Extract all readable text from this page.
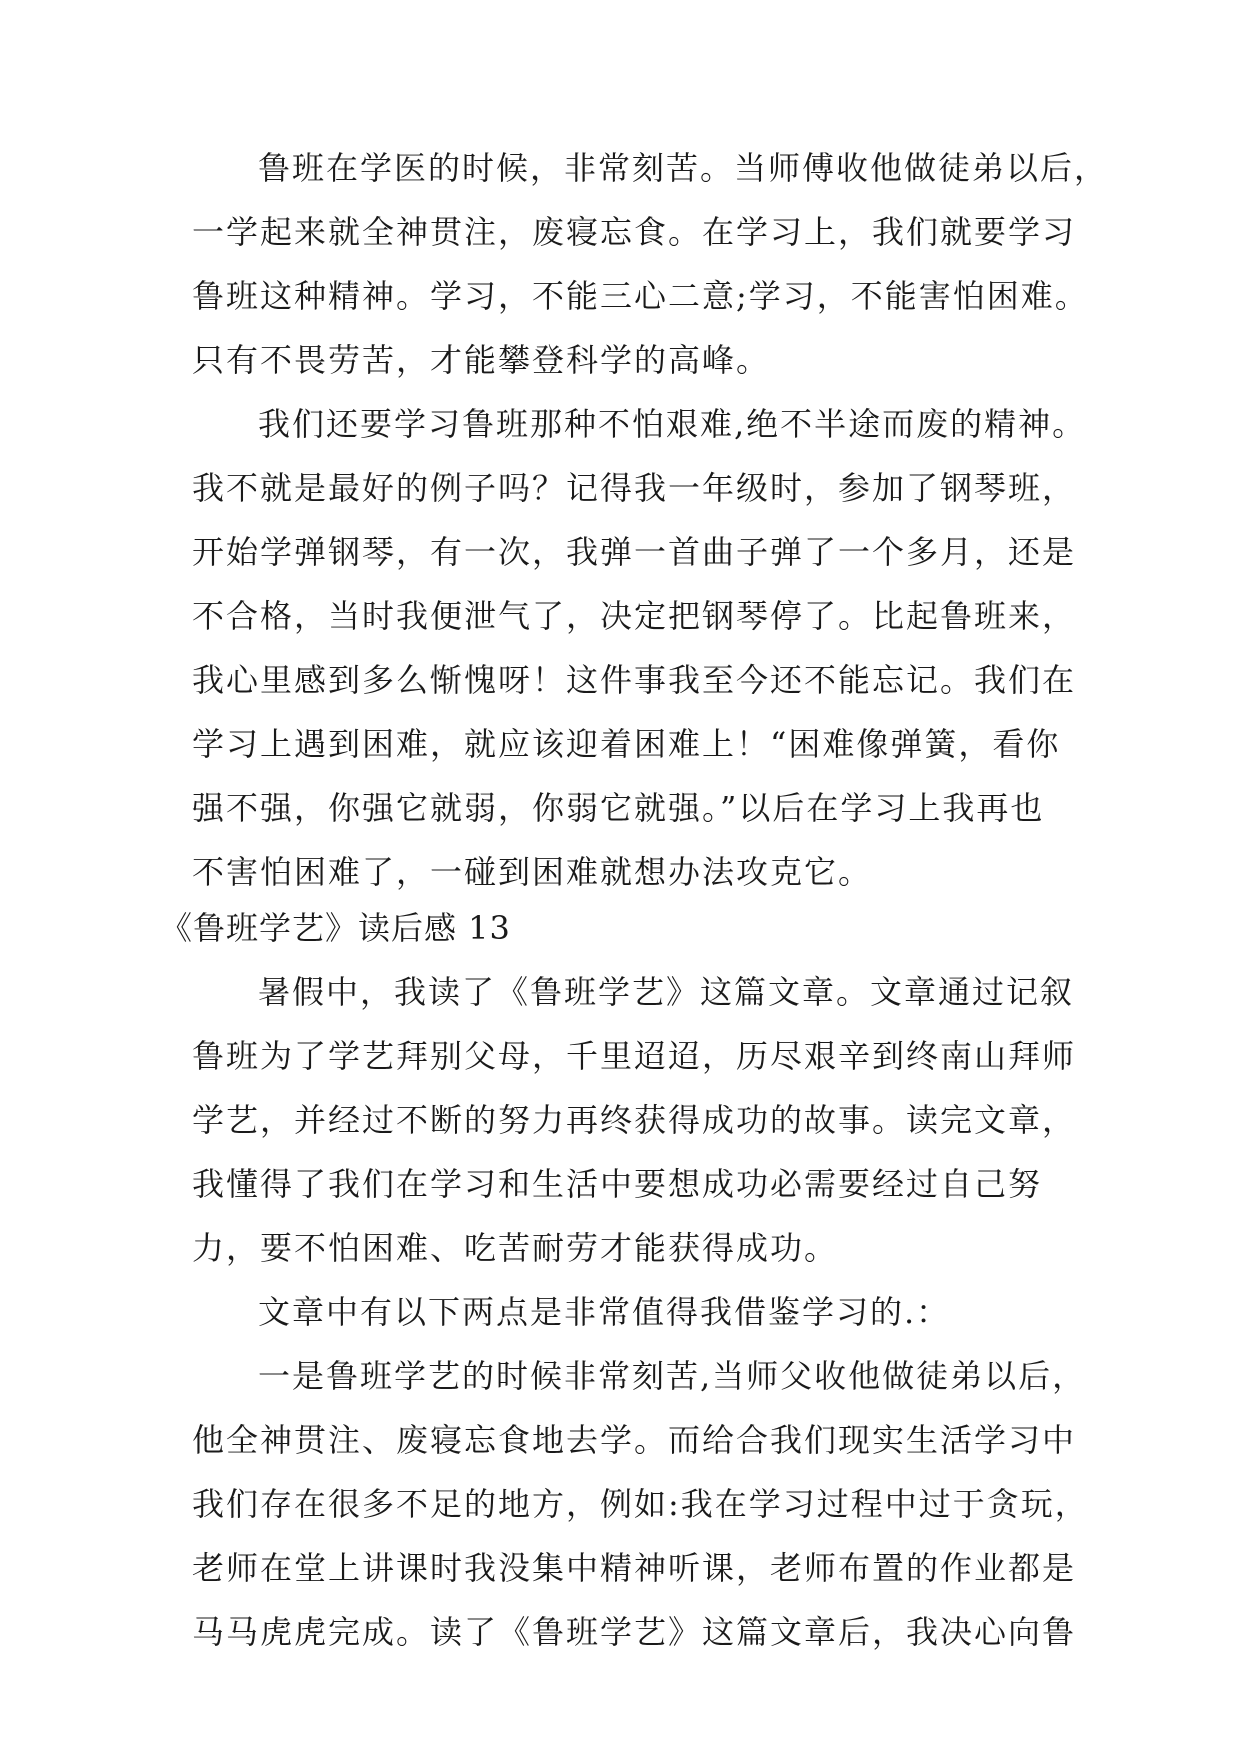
鲁班在学医的时候，非常刻苦。当师傅收他做徒弟以后，
一学起来就全神贯注，废寝忘食。在学习上，我们就要学习
鲁班这种精神。学习，不能三心二意;学习，不能害怕困难。
只有不畏劳苦，才能攀登科学的高峰。
我们还要学习鲁班那种不怕艰难,绝不半途而废的精神。
我不就是最好的例子吗？记得我一年级时，参加了钢琴班，
开始学弹钢琴，有一次，我弹一首曲子弹了一个多月，还是
不合格，当时我便泄气了，决定把钢琴停了。比起鲁班来，
我心里感到多么惭愧呀！这件事我至今还不能忘记。我们在
学习上遇到困难，就应该迎着困难上！“困难像弹簧，看你
强不强，你强它就弱，你弱它就强。”以后在学习上我再也
不害怕困难了，一碰到困难就想办法攻克它。
《鲁班学艺》读后感 13
暑假中，我读了《鲁班学艺》这篇文章。文章通过记叙
鲁班为了学艺拜别父母，千里迢迢，历尽艰辛到终南山拜师
学艺，并经过不断的努力再终获得成功的故事。读完文章，
我懂得了我们在学习和生活中要想成功必需要经过自己努
力，要不怕困难、吃苦耐劳才能获得成功。
文章中有以下两点是非常值得我借鉴学习的.：
一是鲁班学艺的时候非常刻苦,当师父收他做徒弟以后，
他全神贯注、废寝忘食地去学。而给合我们现实生活学习中
我们存在很多不足的地方，例如:我在学习过程中过于贪玩，
老师在堂上讲课时我没集中精神听课，老师布置的作业都是
马马虎虎完成。读了《鲁班学艺》这篇文章后，我决心向鲁
